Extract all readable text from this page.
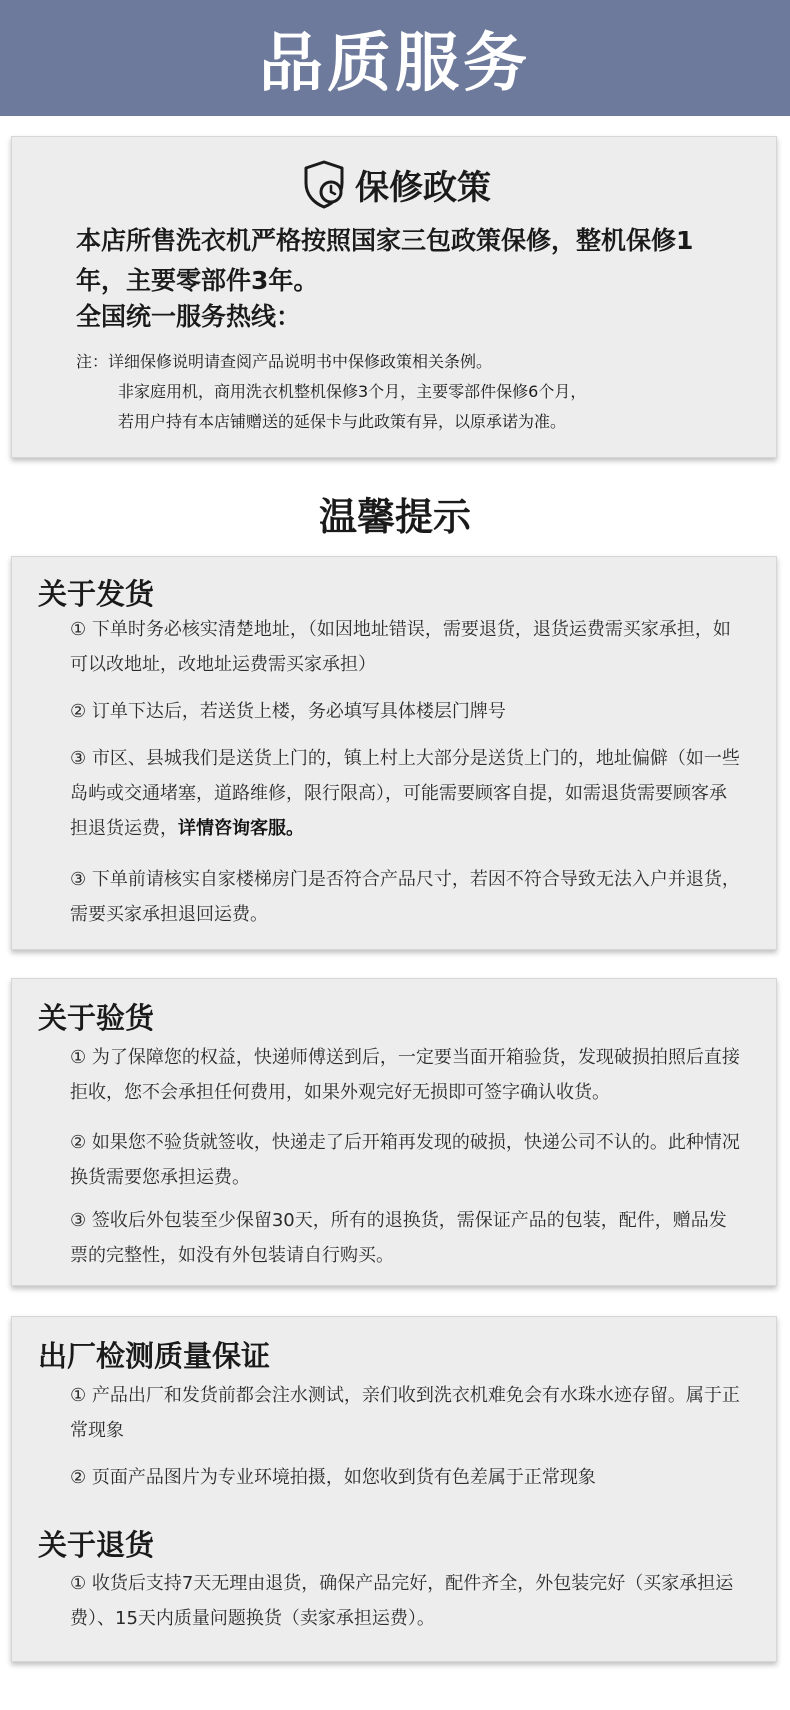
品质服务
保修政策
本店所售洗衣机严格按照国家三包政策保修，整机保修1年，主要零部件3年。
全国统一服务热线：
注：详细保修说明请查阅产品说明书中保修政策相关条例。
非家庭用机，商用洗衣机整机保修3个月，主要零部件保修6个月，
若用户持有本店铺赠送的延保卡与此政策有异，以原承诺为准。
温馨提示
关于发货
① 下单时务必核实清楚地址，（如因地址错误，需要退货，退货运费需买家承担，如可以改地址，改地址运费需买家承担）
② 订单下达后，若送货上楼，务必填写具体楼层门牌号
③ 市区、县城我们是送货上门的，镇上村上大部分是送货上门的，地址偏僻（如一些岛屿或交通堵塞，道路维修，限行限高），可能需要顾客自提，如需退货需要顾客承担退货运费，详情咨询客服。
③ 下单前请核实自家楼梯房门是否符合产品尺寸，若因不符合导致无法入户并退货，需要买家承担退回运费。
关于验货
① 为了保障您的权益，快递师傅送到后，一定要当面开箱验货，发现破损拍照后直接拒收，您不会承担任何费用，如果外观完好无损即可签字确认收货。
② 如果您不验货就签收，快递走了后开箱再发现的破损，快递公司不认的。此种情况换货需要您承担运费。
③ 签收后外包装至少保留30天，所有的退换货，需保证产品的包装，配件，赠品发票的完整性，如没有外包装请自行购买。
出厂检测质量保证
① 产品出厂和发货前都会注水测试，亲们收到洗衣机难免会有水珠水迹存留。属于正常现象
② 页面产品图片为专业环境拍摄，如您收到货有色差属于正常现象
关于退货
① 收货后支持7天无理由退货，确保产品完好，配件齐全，外包装完好（买家承担运费）、15天内质量问题换货（卖家承担运费）。
